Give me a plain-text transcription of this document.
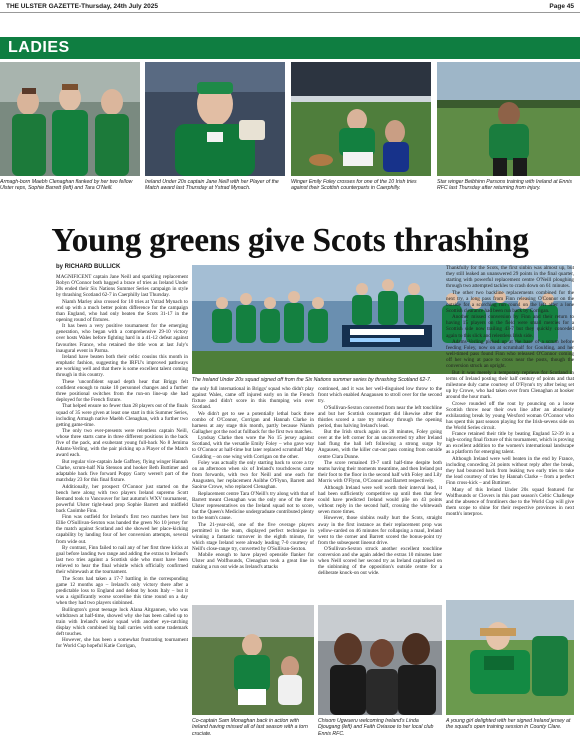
THE ULSTER GAZETTE-Thursday, 24th July 2025	Page 45
LADIES
Armagh-born Maebh Clenaghan flanked by her two fellow Ulster reps, Sophie Barrett (left) and Tara O'Neill.
Ireland Under 20s captain Jane Neill with her Player of the Match award last Thursday at Ystrad Mynach.
Winger Emily Foley crosses for one of the 10 Irish tries against their Scottish counterparts in Caerphilly.
Star winger Beibhinn Parsons training with Ireland at Ennis RFC last Thursday after returning from injury.
Young greens give Scots thrashing
by RICHARD BULLICK

MAGNIFICENT captain Jane Neill and sparkling replacement Robyn O'Connor both bagged a brace of tries as Ireland Under 20s ended their Six Nations Summer Series campaign in style by thrashing Scotland 62-7 in Caerphilly last Thursday.

Niamh Marley also crossed for 10 tries at Ystrad Mynach to end up with a much better points difference for the campaign than England, who had only beaten the Scots 31-17 in the opening round of fixtures.

It has been a very positive tournament for the emerging generation, who began with a comprehensive 29-10 victory over hosts Wales before fighting hard in a 41-12 defeat against favourites France, who retained the title won at last July's inaugural event in Parma.

Ireland have beaten both their celtic cousins this month in emphatic fashion, suggesting the IRFU's improved pathways are working well and that there is some excellent talent coming through in this country.

These 'unconfident squad depth hear that Briggs felt confident enough to make 10 personnel changes and a further three positional switches from the run-on line-up she had deployed for the French fixture.

That helped ensure no fewer than 28 players out of the finals squad of 35 were given at least one start in this Summer Series, including Armagh native Maebh Clenaghan, with a further two getting game-time.

The only two ever-presents were relentless captain Neill, whose three starts came in three different positions in the back five of the pack, and exuberant young full-back No 8 Jemima Adams-Verling, with the pair picking up a Player of the Match award each.

But regular vice-captain Jade Gaffney, flying winger Hannah Clarke, scrum-half Nia Stenson and hooker Beth Buttimer and adaptable back five forward Poppy Garry weren't part of the matchday 23 for this final fixture.

Additionally, her prospect O'Connor just started on the bench here along with two players Ireland supremo Scott Bemand took to Vancouver for last autumn's WXV tournament, powerful Ulster tight-head prop Sophie Barrett and midfield back Caoimhe Finn.

Finn was outfield for Ireland's first two matches here but Ellie O'Sullivan-Sexton was handed the green No 10 jersey for the match against Scotland and she showed her place-kicking capability by landing four of her conversion attempts, several from wide out.

By contrast, Finn failed to nail any of her first three kicks at goal before landing two range and adding the extras to Ireland's last two tries against a Scottish side who must have been relieved to hear the final whistle which officially confirmed their whitewash at the tournament.

The Scots had taken a 17-7 battling in the corresponding game 12 months ago – Ireland's only victory there after a predictable loss to England and defeat by hosts Italy – but it was a significantly worse scoreline this time round on a day when they had two players sinbinned.

Bullington's great teenage lock Alana Aitgannen, who was withdrawn at half-time, showed why she has been called up to train with Ireland's senior squad with another eye-catching display which combined big ball carries with some trademark deft touches.

However, she has been a somewhat frustrating tournament for World Cup hopeful Katie Corrigan,

The Ireland Under 20s squad signed off from the Six Nations summer series by thrashing Scotland 62-7.

the only full international in Briggs' squad who didn't play against Wales, came off injured early on in the French fixture and didn't score in this thumping win over Scotland.

We didn't get to see a potentially lethal back three combo of O'Connor, Corrigan and Hannah Clarke in harness at any stage this month, partly because Niamh Gallagher got the nod at fullback for the first two matches.

Lyndsay Clarke then wore the No 15 jersey against Scotland, with the versatile Emily Foley – who gave way to O'Connor at half-time but later replaced scrumhalf May Goulding – on one wing with Corrigan on the other.

Foley was actually the only starting back to score a try on an afternoon when six of Ireland's touchdowns came from forwards, with two for Neill and one each for Anagusten, her replacement Aoibhe O'Flynn, Barrett and Saoirse Crowe, who replaced Clenaghan.

Replacement centre Tara O'Neill's try along with that of Barrett meant Clenaghan was the only one of the three Ulster representatives on the Ireland squad not to score, but the Queen's Medicine undergraduate contributed plenty to the team's cause.

The 21-year-old, one of the five overage players permitted in the team, displayed perfect technique in winning a fantastic turnover in the eighth minute, for which stage Ireland were already leading 7-0 courtesy of Neill's close-range try, converted by O'Sullivan-Sexton.

Mobile enough to have played openside flanker for Ulster and Wolfhounds, Clenaghan took a great line in making a run out wide as Ireland's attacks

continued, and it was her well-disguised low throw to the front which enabled Anagausen to stroll over for the second try.

O'Sullivan-Sexton converted from near the left touchline and but her Scottish counterpart did likewise after the thistles scored a rare try midway through the opening period, thus halving Ireland's lead.

But the Irish struck again on 28 minutes, Foley going over at the left corner for an unconverted try after Ireland had flung the ball left following a strong surge by Angausen, with the killer cut-out pass coming from outside centre Clara Dunne.

The score remained 19-7 until half-time despite both teams having their moments meantime, and then Ireland put their foot to the floor in the second half with Foley and Lily Morris with O'Flynn, O'Connor and Barrett respectively.

Although Ireland were well worth their interval lead, it had been sufficiently competitive up until then that few could have predicted Ireland would pile on 43 points without reply in the second half, crossing the whitewash seven more times.

However, those sinbins really hurt the Scots, straight away in the first instance as their replacement prop was yellow-carded on 46 minutes for collapsing a maul, Ireland went to the corner and Barrett scored the bonus-point try from the subsequent lineout drive.

O'Sullivan-Sexton struck another excellent touchline conversion and she again added the extras 10 minutes later when Neill scored her second try as Ireland capitalised on the sinbinning of the opposition's outside centre for a deliberate knock-on out wide.

Thankfully for the Scots, the first sinbin was almost up, but they still leaked an unanswered 29 points in the final quarter, starting with powerful replacement centre O'Neill ploughing through two attempted tackles to crash down on 61 minutes.

The other two backline replacements combined for the next try, a long pass from Finn releasing O'Connor on the outside for a scorching run round on the left after a lone Scottish clearance had been run back by Corrigan.

Another missed conversion by Finn and their return to having 15 players on the field were small mercies for a Scottish side now trailing 43-7 but they quickly conceded again to this slick and relentless Irish side.

Adams-Verling picked up at the base of a scrum before feeding Foley, now on at scrumhalf for Goulding, and her well-timed pass found Finn who released O'Connor coming off her wing at pace to cross near the posts, though the conversion struck an upright.

But it was merely a temporary reprieve for Scotland in terms of Ireland posting their half century of points and that milestone duly came courtesy of O'Flynn's try after being set up by Crowe, who had taken over from Clenaghan at hooker around the hour mark.

Crowe rounded off the rout by pouncing on a loose Scottish throw near their own line after an absolutely exhilarating break by young Wexford woman O'Connor who has spent this past season playing for the Irish-sevens side on the World Series circuit.

France retained their title by beating England 52-39 in a high-scoring final fixture of this tournament, which is proving an excellent addition to the women's international landscape as a platform for emerging talent.

Although Ireland were well beaten in the end by France, including conceding 24 points without reply after the break, they had bounced back from leaking two early tries to take the lead courtesy of tries by Hannah Clarke – from a perfect Finn cross-kick – and Buttimer.

Many of this Ireland Under 20s squad featured for Wolfhounds or Clovers in this past season's Celtic Challenge and the absence of frontliners due to the World Cup will give them scope to shine for their respective provinces in next month's interpros.

Co-captain Sam Monaghan back in action with Ireland having missed all of last season with a torn cruciate.
Chisom Ugwueru welcoming Ireland's Linda Djougang (left) and Faith Oviasoe to her local club Ennis RFC.
A young girl delighted with her signed Ireland jersey at the squad's open training session in County Clare.
